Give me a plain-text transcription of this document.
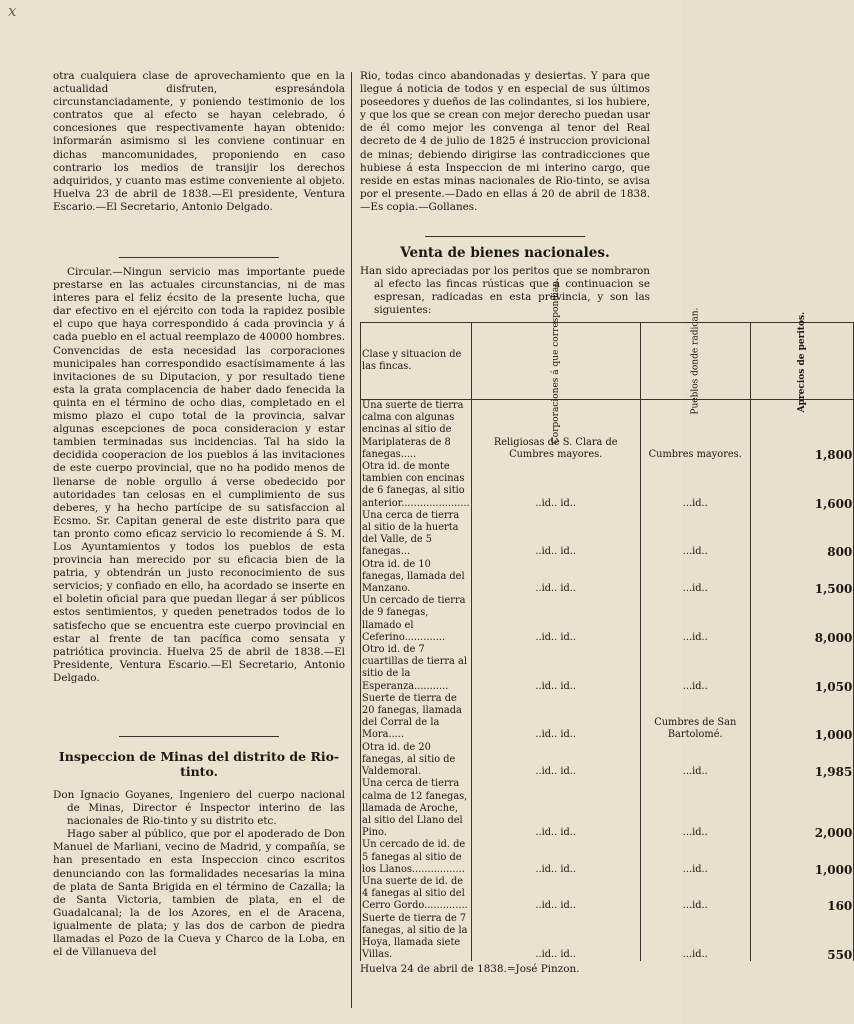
x

otra cualquiera clase de aprovechamiento que en la actualidad disfruten, espresándola circunstanciadamente, y poniendo testimonio de los contratos que al efecto se hayan celebrado, ó concesiones que respectivamente hayan obtenido: informarán asimismo si les conviene continuar en dichas mancomunidades, proponiendo en caso contrario los medios de transijir los derechos adquiridos, y cuanto mas estime conveniente al objeto. Huelva 23 de abril de 1838.—El presidente, Ventura Escario.—El Secretario, Antonio Delgado.

Circular.—Ningun servicio mas importante puede prestarse en las actuales circunstancias, ni de mas interes para el feliz écsito de la presente lucha, que dar efectivo en el ejército con toda la rapidez posible el cupo que haya correspondido á cada provincia y á cada pueblo en el actual reemplazo de 40000 hombres. Convencidas de esta necesidad las corporaciones municipales han correspondido esactísimamente á las invitaciones de su Diputacion, y por resultado tiene esta la grata complacencia de haber dado fenecida la quinta en el término de ocho dias, completado en el mismo plazo el cupo total de la provincia, salvar algunas escepciones de poca consideracion y estar tambien terminadas sus incidencias. Tal ha sido la decidida cooperacion de los pueblos á las invitaciones de este cuerpo provincial, que no ha podido menos de llenarse de noble orgullo á verse obedecido por autoridades tan celosas en el cumplimiento de sus deberes, y ha hecho partícipe de su satisfaccion al Ecsmo. Sr. Capitan general de este distrito para que tan pronto como eficaz servicio lo recomiende á S. M. Los Ayuntamientos y todos los pueblos de esta provincia han merecido por su eficacia bien de la patria, y obtendrán un justo reconocimiento de sus servicios; y confiado en ello, ha acordado se inserte en el boletin oficial para que puedan llegar á ser públicos estos sentimientos, y queden penetrados todos de lo satisfecho que se encuentra este cuerpo provincial en estar al frente de tan pacífica como sensata y patriótica provincia. Huelva 25 de abril de 1838.—El Presidente, Ventura Escario.—El Secretario, Antonio Delgado.

Inspeccion de Minas del distrito de Rio-tinto.

Don Ignacio Goyanes, Ingeniero del cuerpo nacional de Minas, Director é Inspector interino de las nacionales de Rio-tinto y su distrito etc.

Hago saber al público, que por el apoderado de Don Manuel de Marliani, vecino de Madrid, y compañía, se han presentado en esta Inspeccion cinco escritos denunciando con las formalidades necesarias la mina de plata de Santa Brigida en el término de Cazalla; la de Santa Victoria, tambien de plata, en el de Guadalcanal; la de los Azores, en el de Aracena, igualmente de plata; y las dos de carbon de piedra llamadas el Pozo de la Cueva y Charco de la Loba, en el de Villanueva del

Rio, todas cinco abandonadas y desiertas. Y para que llegue á noticia de todos y en especial de sus últimos poseedores y dueños de las colindantes, si los hubiere, y que los que se crean con mejor derecho puedan usar de él como mejor les convenga al tenor del Real decreto de 4 de julio de 1825 é instruccion provicional de minas; debiendo dirigirse las contradicciones que hubiese á esta Inspeccion de mi interino cargo, que reside en estas minas nacionales de Rio-tinto, se avisa por el presente.—Dado en ellas á 20 de abril de 1838.—Es copia.—Gollanes.

Venta de bienes nacionales.

Han sido apreciadas por los peritos que se nombraron al efecto las fincas rústicas que á continuacion se espresan, radicadas en esta provincia, y son las siguientes:

Clase y situacion de las fincas.	Corporaciones á que correspondian.	Pueblos donde radican.	Aprecios de peritos.
Una suerte de tierra calma con algunas encinas al sitio de Mariplateras de 8 fanegas.....	Religiosas de S. Clara de Cumbres mayores.	Cumbres mayores.	1,800
Otra id. de monte tambien con encinas de 6 fanegas, al sitio anterior......................	..id.. id..	...id..	1,600
Una cerca de tierra al sitio de la huerta del Valle, de 5 fanegas...	..id.. id..	...id..	800
Otra id. de 10 fanegas, llamada del Manzano.	..id.. id..	...id..	1,500
Un cercado de tierra de 9 fanegas, llamado el Ceferino.............	..id.. id..	...id..	8,000
Otro id. de 7 cuartillas de tierra al sitio de la Esperanza...........	..id.. id..	...id..	1,050
Suerte de tierra de 20 fanegas, llamada del Corral de la Mora.....	..id.. id..	Cumbres de San Bartolomé.	1,000
Otra id. de 20 fanegas, al sitio de Valdemoral.	..id.. id..	...id..	1,985
Una cerca de tierra calma de 12 fanegas, llamada de Aroche, al sitio del Llano del Pino.	..id.. id..	...id..	2,000
Un cercado de id. de 5 fanegas al sitio de los Llanos.................	..id.. id..	...id..	1,000
Una suerte de id. de 4 fanegas al sitio del Cerro Gordo..............	..id.. id..	...id..	160
Suerte de tierra de 7 fanegas, al sitio de la Hoya, llamada siete Villas.	..id.. id..	...id..	550
Huelva 24 de abril de 1838.=José Pinzon.
